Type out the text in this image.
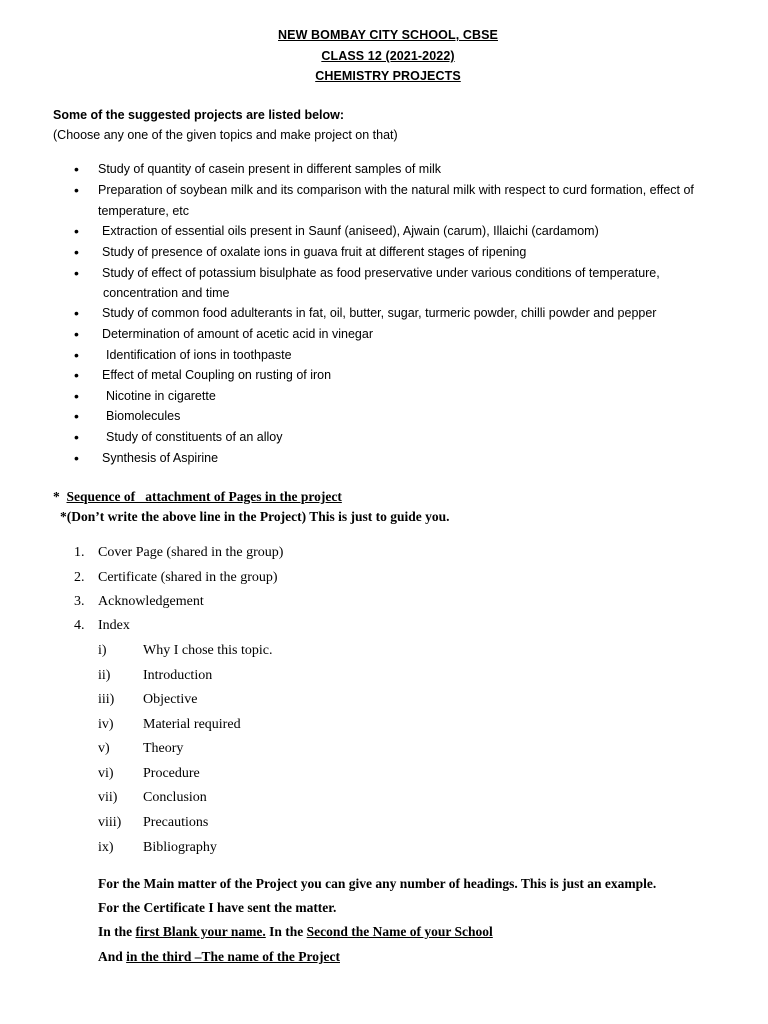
NEW BOMBAY CITY SCHOOL, CBSE
CLASS 12 (2021-2022)
CHEMISTRY PROJECTS
Some of the suggested projects are listed below:
(Choose any one of the given topics and make project on that)
•	Study of quantity of casein present in different samples of milk
•	Preparation of soybean milk and its comparison with the natural milk with respect to curd formation, effect of
temperature, etc
•	Extraction of essential oils present in Saunf (aniseed), Ajwain (carum), Illaichi (cardamom)
•	Study of presence of oxalate ions in guava fruit at different stages of ripening
•	Study of effect of potassium bisulphate as food preservative under various conditions of temperature,
concentration and time
•	Study of common food adulterants in fat, oil, butter, sugar, turmeric powder, chilli powder and pepper
•	Determination of amount of acetic acid in vinegar
•	Identification of ions in toothpaste
•	Effect of metal Coupling on rusting of iron
•	Nicotine in cigarette
•	Biomolecules
•	Study of constituents of an alloy
•	Synthesis of Aspirine
* Sequence of   attachment of Pages in the project
*(Don’t write the above line in the Project) This is just to guide you.
1. Cover Page (shared in the group)
2. Certificate (shared in the group)
3. Acknowledgement
4. Index
i)	Why I chose this topic.
ii) Introduction
iii) Objective
iv) Material required
v) Theory
vi) Procedure
vii) Conclusion
viii) Precautions
ix) Bibliography
For the Main matter of the Project you can give any number of headings. This is just an example.
For the Certificate I have sent the matter.
In the first Blank your name. In the Second the Name of your School
And in the third –The name of the Project
